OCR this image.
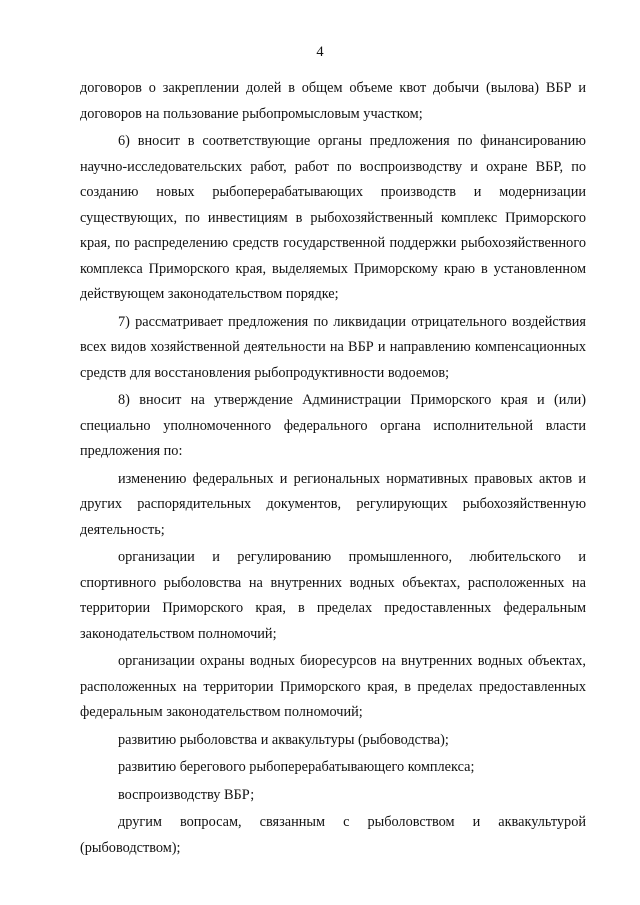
4

договоров о закреплении долей в общем объеме квот добычи (вылова) ВБР и договоров на пользование рыбопромысловым участком;

6) вносит в соответствующие органы предложения по финансированию научно-исследовательских работ, работ по воспроизводству и охране ВБР, по созданию новых рыбоперерабатывающих производств и модернизации существующих, по инвестициям в рыбохозяйственный комплекс Приморского края, по распределению средств государственной поддержки рыбохозяйственного комплекса Приморского края, выделяемых Приморскому краю в установленном действующем законодательством порядке;

7) рассматривает предложения по ликвидации отрицательного воздействия всех видов хозяйственной деятельности на ВБР и направлению компенсационных средств для восстановления рыбопродуктивности водоемов;

8) вносит на утверждение Администрации Приморского края и (или) специально уполномоченного федерального органа исполнительной власти предложения по:

изменению федеральных и региональных нормативных правовых актов и других распорядительных документов, регулирующих рыбохозяйственную деятельность;

организации и регулированию промышленного, любительского и спортивного рыболовства на внутренних водных объектах, расположенных на территории Приморского края, в пределах предоставленных федеральным законодательством полномочий;

организации охраны водных биоресурсов на внутренних водных объектах, расположенных на территории Приморского края, в пределах предоставленных федеральным законодательством полномочий;

развитию рыболовства и аквакультуры (рыбоводства);

развитию берегового рыбоперерабатывающего комплекса;

воспроизводству ВБР;

другим вопросам, связанным с рыболовством и аквакультурой (рыбоводством);
